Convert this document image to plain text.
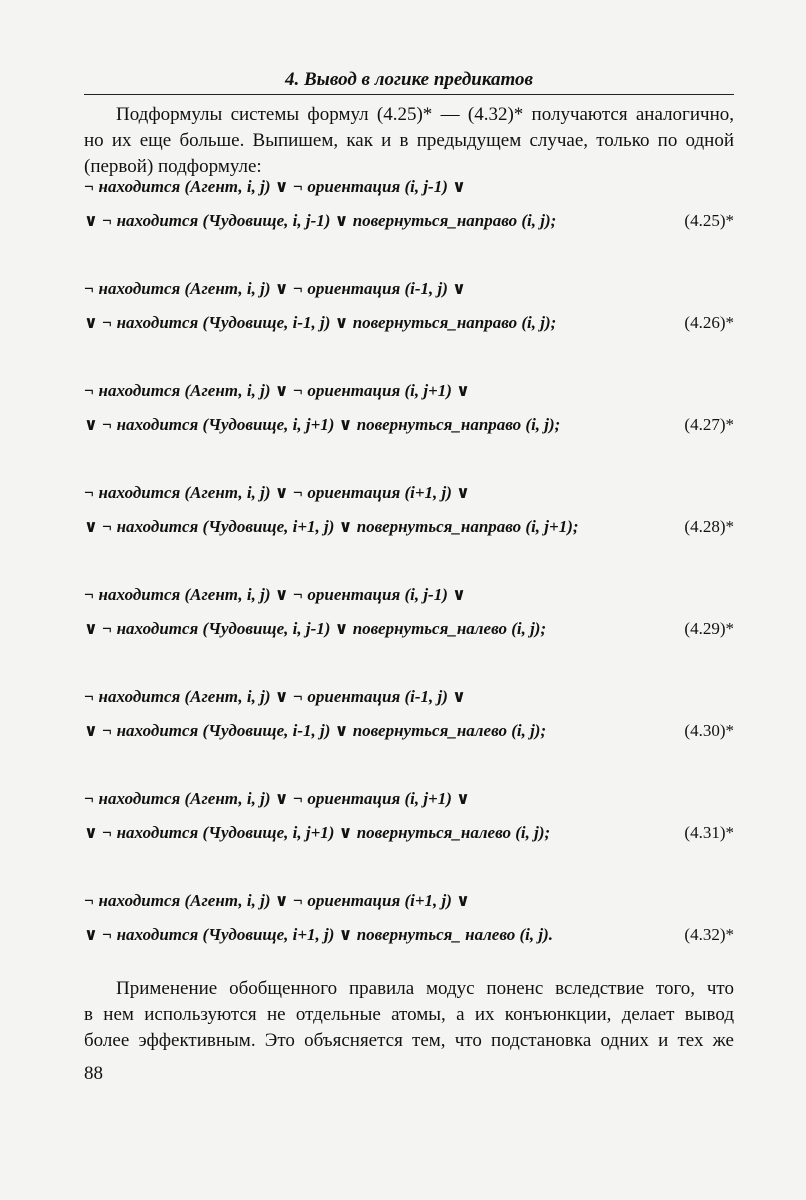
4. Вывод в логике предикатов
Подформулы системы формул (4.25)* — (4.32)* получаются аналогично,
но их еще больше. Выпишем, как и в предыдущем случае, только по одной
(первой) подформуле:
¬ находится (Агент, i, j) ∨ ¬ ориентация (i, j-1) ∨
∨ ¬ находится (Чудовище, i, j-1) ∨ повернуться_направо (i, j);	(4.25)*
¬ находится (Агент, i, j) ∨ ¬ ориентация (i-1, j) ∨
∨ ¬ находится (Чудовище, i-1, j) ∨ повернуться_направо (i, j);	(4.26)*
¬ находится (Агент, i, j) ∨ ¬ ориентация (i, j+1) ∨
∨ ¬ находится (Чудовище, i, j+1) ∨ повернуться_направо (i, j);	(4.27)*
¬ находится (Агент, i, j) ∨ ¬ ориентация (i+1, j) ∨
∨ ¬ находится (Чудовище, i+1, j) ∨ повернуться_направо (i, j+1);	(4.28)*
¬ находится (Агент, i, j) ∨ ¬ ориентация (i, j-1) ∨
∨ ¬ находится (Чудовище, i, j-1) ∨ повернуться_налево (i, j);	(4.29)*
¬ находится (Агент, i, j) ∨ ¬ ориентация (i-1, j) ∨
∨ ¬ находится (Чудовище, i-1, j) ∨ повернуться_налево (i, j);	(4.30)*
¬ находится (Агент, i, j) ∨ ¬ ориентация (i, j+1) ∨
∨ ¬ находится (Чудовище, i, j+1) ∨ повернуться_налево (i, j);	(4.31)*
¬ находится (Агент, i, j) ∨ ¬ ориентация (i+1, j) ∨
∨ ¬ находится (Чудовище, i+1, j) ∨ повернуться_ налево (i, j).	(4.32)*
Применение обобщенного правила модус поненс вследствие того, что
в нем используются не отдельные атомы, а их конъюнкции, делает вывод
более эффективным. Это объясняется тем, что подстановка одних и тех же
88
